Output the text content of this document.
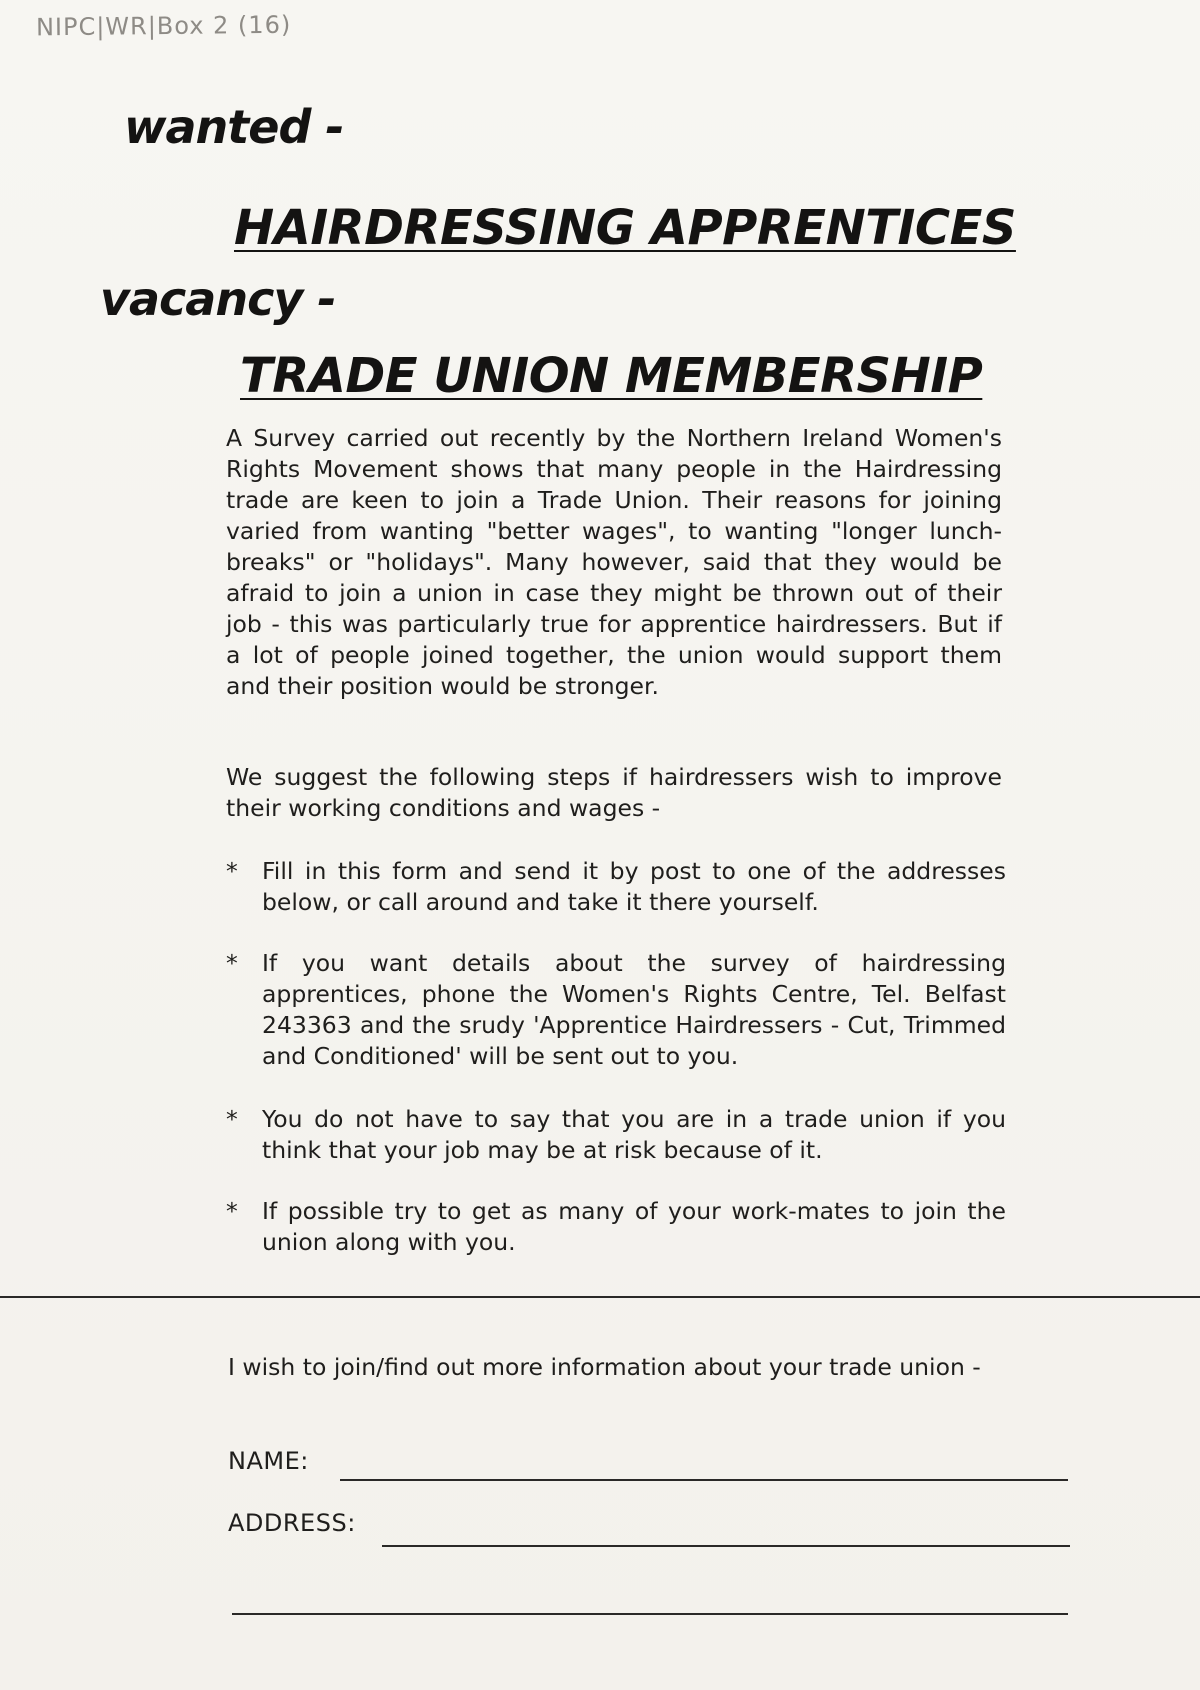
NIPC|WR|Box 2 (16)
wanted -
HAIRDRESSING APPRENTICES
vacancy -
TRADE UNION MEMBERSHIP
A Survey carried out recently by the Northern Ireland Women's Rights Movement shows that many people in the Hairdressing trade are keen to join a Trade Union. Their reasons for joining varied from wanting "better wages", to wanting "longer lunch-breaks" or "holidays". Many however, said that they would be afraid to join a union in case they might be thrown out of their job - this was particularly true for apprentice hairdressers. But if a lot of people joined together, the union would support them and their position would be stronger.
We suggest the following steps if hairdressers wish to improve their working conditions and wages -
*	Fill in this form and send it by post to one of the addresses below, or call around and take it there yourself.
*	If you want details about the survey of hairdressing apprentices, phone the Women's Rights Centre, Tel. Belfast 243363 and the srudy 'Apprentice Hairdressers - Cut, Trimmed and Conditioned' will be sent out to you.
*	You do not have to say that you are in a trade union if you think that your job may be at risk because of it.
*	If possible try to get as many of your work-mates to join the union along with you.
I wish to join/find out more information about your trade union -
NAME:
ADDRESS:
